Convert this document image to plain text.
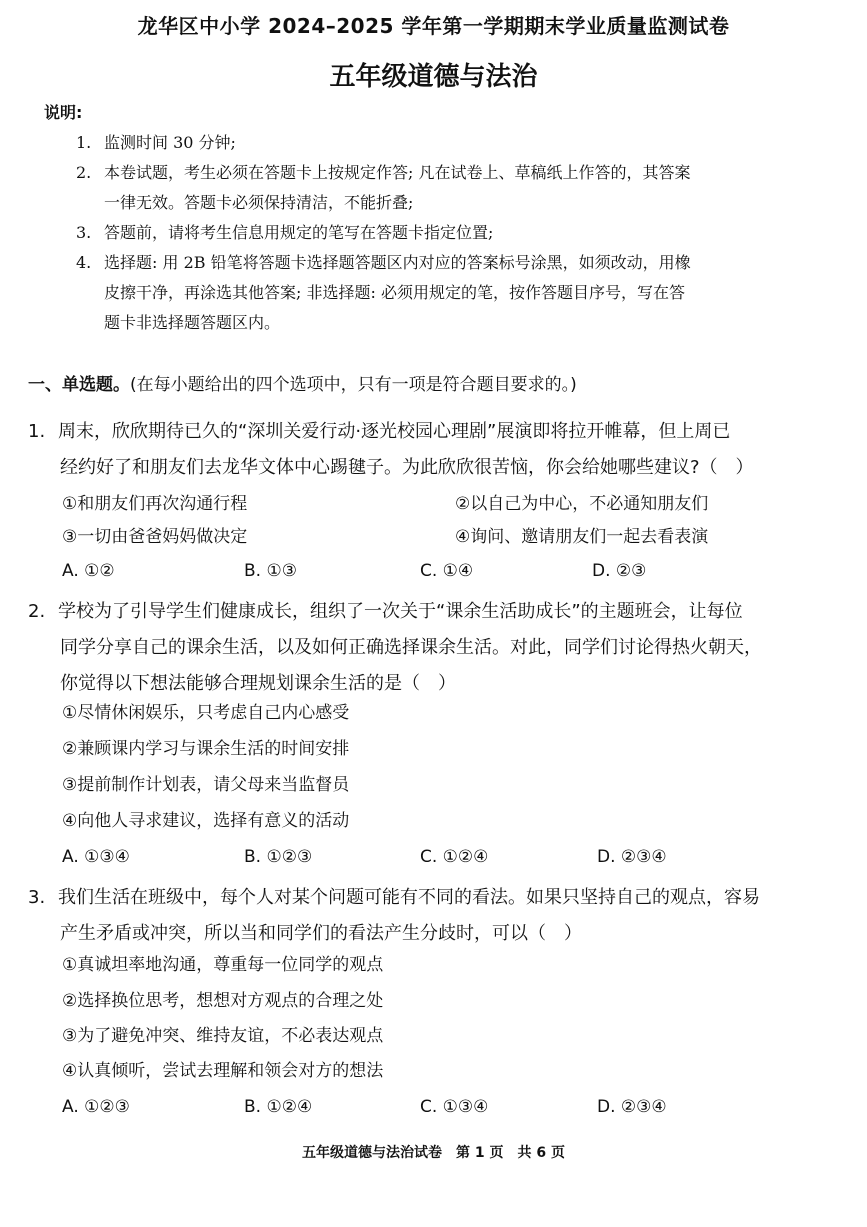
龙华区中小学 2024–2025 学年第一学期期末学业质量监测试卷
五年级道德与法治
说明:
1. 监测时间 30 分钟;
2. 本卷试题，考生必须在答题卡上按规定作答; 凡在试卷上、草稿纸上作答的，其答案
一律无效。答题卡必须保持清洁，不能折叠;
3. 答题前，请将考生信息用规定的笔写在答题卡指定位置;
4. 选择题: 用 2B 铅笔将答题卡选择题答题区内对应的答案标号涂黑，如须改动，用橡
皮擦干净，再涂选其他答案; 非选择题: 必须用规定的笔，按作答题目序号，写在答
题卡非选择题答题区内。
一、单选题。(在每小题给出的四个选项中，只有一项是符合题目要求的。)
1. 周末，欣欣期待已久的“深圳关爱行动·逐光校园心理剧”展演即将拉开帷幕，但上周已
经约好了和朋友们去龙华文体中心踢毽子。为此欣欣很苦恼，你会给她哪些建议?（　）
①和朋友们再次沟通行程	②以自己为中心，不必通知朋友们
③一切由爸爸妈妈做决定	④询问、邀请朋友们一起去看表演
A. ①②	B. ①③	C. ①④	D. ②③
2. 学校为了引导学生们健康成长，组织了一次关于“课余生活助成长”的主题班会，让每位
同学分享自己的课余生活，以及如何正确选择课余生活。对此，同学们讨论得热火朝天，
你觉得以下想法能够合理规划课余生活的是（　）
①尽情休闲娱乐，只考虑自己内心感受
②兼顾课内学习与课余生活的时间安排
③提前制作计划表，请父母来当监督员
④向他人寻求建议，选择有意义的活动
A. ①③④	B. ①②③	C. ①②④	D. ②③④
3. 我们生活在班级中，每个人对某个问题可能有不同的看法。如果只坚持自己的观点，容易
产生矛盾或冲突，所以当和同学们的看法产生分歧时，可以（　）
①真诚坦率地沟通，尊重每一位同学的观点
②选择换位思考，想想对方观点的合理之处
③为了避免冲突、维持友谊，不必表达观点
④认真倾听，尝试去理解和领会对方的想法
A. ①②③	B. ①②④	C. ①③④	D. ②③④
五年级道德与法治试卷　第 1 页　共 6 页
